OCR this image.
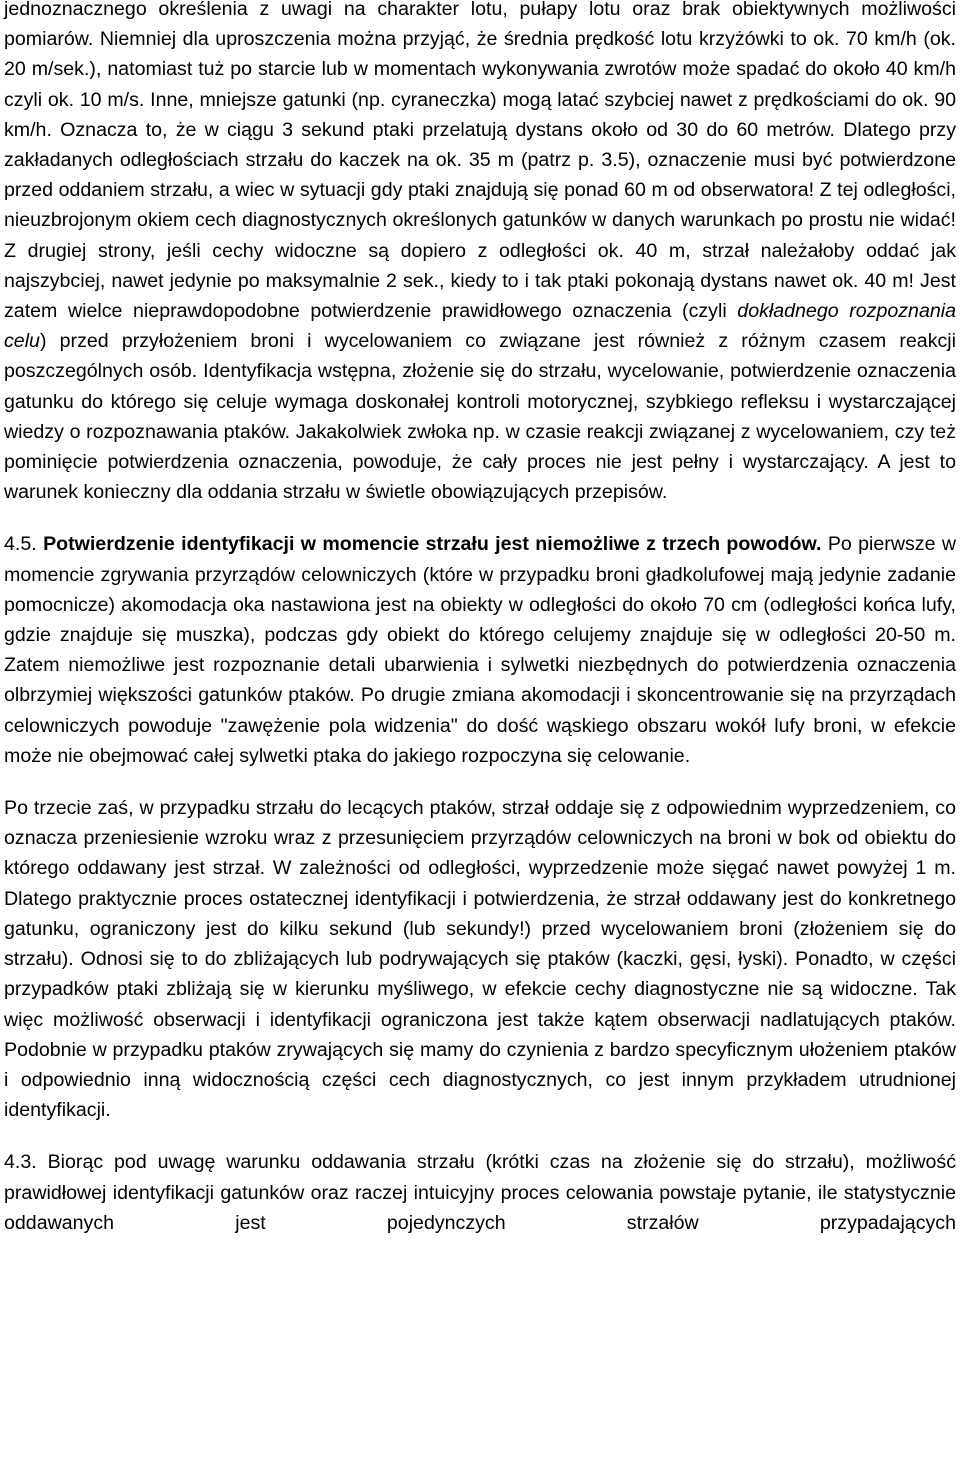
jednoznacznego określenia z uwagi na charakter lotu, pułapy lotu oraz brak obiektywnych możliwości pomiarów. Niemniej dla uproszczenia można przyjąć, że średnia prędkość lotu krzyżówki to ok. 70 km/h (ok. 20 m/sek.), natomiast tuż po starcie lub w momentach wykonywania zwrotów może spadać do około 40 km/h czyli ok. 10 m/s. Inne, mniejsze gatunki (np. cyraneczka) mogą latać szybciej nawet z prędkościami do ok. 90 km/h. Oznacza to, że w ciągu 3 sekund ptaki przelatują dystans około od 30 do 60 metrów. Dlatego przy zakładanych odległościach strzału do kaczek na ok. 35 m (patrz p. 3.5), oznaczenie musi być potwierdzone przed oddaniem strzału, a wiec w sytuacji gdy ptaki znajdują się ponad 60 m od obserwatora! Z tej odległości, nieuzbrojonym okiem cech diagnostycznych określonych gatunków w danych warunkach po prostu nie widać! Z drugiej strony, jeśli cechy widoczne są dopiero z odległości ok. 40 m, strzał należałoby oddać jak najszybciej, nawet jedynie po maksymalnie 2 sek., kiedy to i tak ptaki pokonają dystans nawet ok. 40 m! Jest zatem wielce nieprawdopodobne potwierdzenie prawidłowego oznaczenia (czyli dokładnego rozpoznania celu) przed przyłożeniem broni i wycelowaniem co związane jest również z różnym czasem reakcji poszczególnych osób. Identyfikacja wstępna, złożenie się do strzału, wycelowanie, potwierdzenie oznaczenia gatunku do którego się celuje wymaga doskonałej kontroli motorycznej, szybkiego refleksu i wystarczającej wiedzy o rozpoznawania ptaków. Jakakolwiek zwłoka np. w czasie reakcji związanej z wycelowaniem, czy też pominięcie potwierdzenia oznaczenia, powoduje, że cały proces nie jest pełny i wystarczający. A jest to warunek konieczny dla oddania strzału w świetle obowiązujących przepisów.

4.5. Potwierdzenie identyfikacji w momencie strzału jest niemożliwe z trzech powodów. Po pierwsze w momencie zgrywania przyrządów celowniczych (które w przypadku broni gładkolufowej mają jedynie zadanie pomocnicze) akomodacja oka nastawiona jest na obiekty w odległości do około 70 cm (odległości końca lufy, gdzie znajduje się muszka), podczas gdy obiekt do którego celujemy znajduje się w odległości 20-50 m. Zatem niemożliwe jest rozpoznanie detali ubarwienia i sylwetki niezbędnych do potwierdzenia oznaczenia olbrzymiej większości gatunków ptaków. Po drugie zmiana akomodacji i skoncentrowanie się na przyrządach celowniczych powoduje "zawężenie pola widzenia" do dość wąskiego obszaru wokół lufy broni, w efekcie może nie obejmować całej sylwetki ptaka do jakiego rozpoczyna się celowanie.

Po trzecie zaś, w przypadku strzału do lecących ptaków, strzał oddaje się z odpowiednim wyprzedzeniem, co oznacza przeniesienie wzroku wraz z przesunięciem przyrządów celowniczych na broni w bok od obiektu do którego oddawany jest strzał. W zależności od odległości, wyprzedzenie może sięgać nawet powyżej 1 m. Dlatego praktycznie proces ostatecznej identyfikacji i potwierdzenia, że strzał oddawany jest do konkretnego gatunku, ograniczony jest do kilku sekund (lub sekundy!) przed wycelowaniem broni (złożeniem się do strzału). Odnosi się to do zbliżających lub podrywających się ptaków (kaczki, gęsi, łyski). Ponadto, w części przypadków ptaki zbliżają się w kierunku myśliwego, w efekcie cechy diagnostyczne nie są widoczne. Tak więc możliwość obserwacji i identyfikacji ograniczona jest także kątem obserwacji nadlatujących ptaków. Podobnie w przypadku ptaków zrywających się mamy do czynienia z bardzo specyficznym ułożeniem ptaków i odpowiednio inną widocznością części cech diagnostycznych, co jest innym przykładem utrudnionej identyfikacji.

4.3. Biorąc pod uwagę warunku oddawania strzału (krótki czas na złożenie się do strzału), możliwość prawidłowej identyfikacji gatunków oraz raczej intuicyjny proces celowania powstaje pytanie, ile statystycznie oddawanych jest pojedynczych strzałów przypadających
